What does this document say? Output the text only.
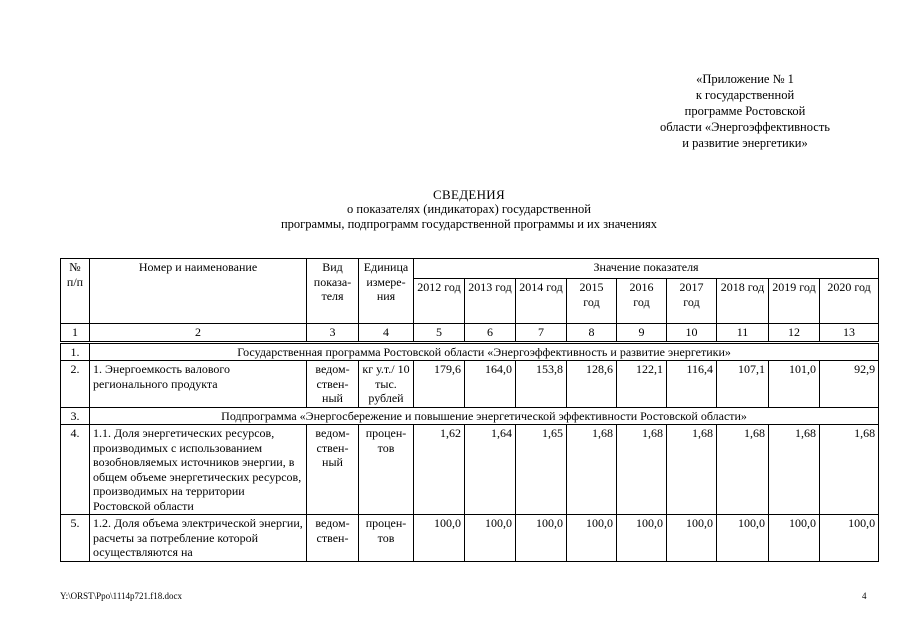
«Приложение № 1
к государственной
программе Ростовской
области «Энергоэффективность
и развитие энергетики»
СВЕДЕНИЯ
о показателях (индикаторах) государственной
программы, подпрограмм государственной программы и их значениях
№ п/п	Номер и наименование	Вид показа-теля	Единица измере-ния	Значение показателя								
				2012 год	2013 год	2014 год	2015 год	2016 год	2017 год	2018 год	2019 год	2020 год
1	2	3	4	5	6	7	8	9	10	11	12	13
1.	Государственная программа Ростовской области «Энергоэффективность и развитие энергетики»											
2.	1. Энергоемкость валового регионального продукта	ведом-ствен-ный	кг у.т./ 10 тыс. рублей	179,6	164,0	153,8	128,6	122,1	116,4	107,1	101,0	92,9
3.	Подпрограмма «Энергосбережение и повышение энергетической эффективности Ростовской области»											
4.	1.1. Доля энергетических ресурсов, производимых с использованием возобновляемых источников энергии, в общем объеме энергетических ресурсов, производимых на территории Ростовской области	ведом-ствен-ный	процен-тов	1,62	1,64	1,65	1,68	1,68	1,68	1,68	1,68	1,68
5.	1.2. Доля объема электрической энергии, расчеты за потребление которой осуществляются на	ведом-ствен-	процен-тов	100,0	100,0	100,0	100,0	100,0	100,0	100,0	100,0	100,0
Y:\ORST\Ppo\1114p721.f18.docx	4
